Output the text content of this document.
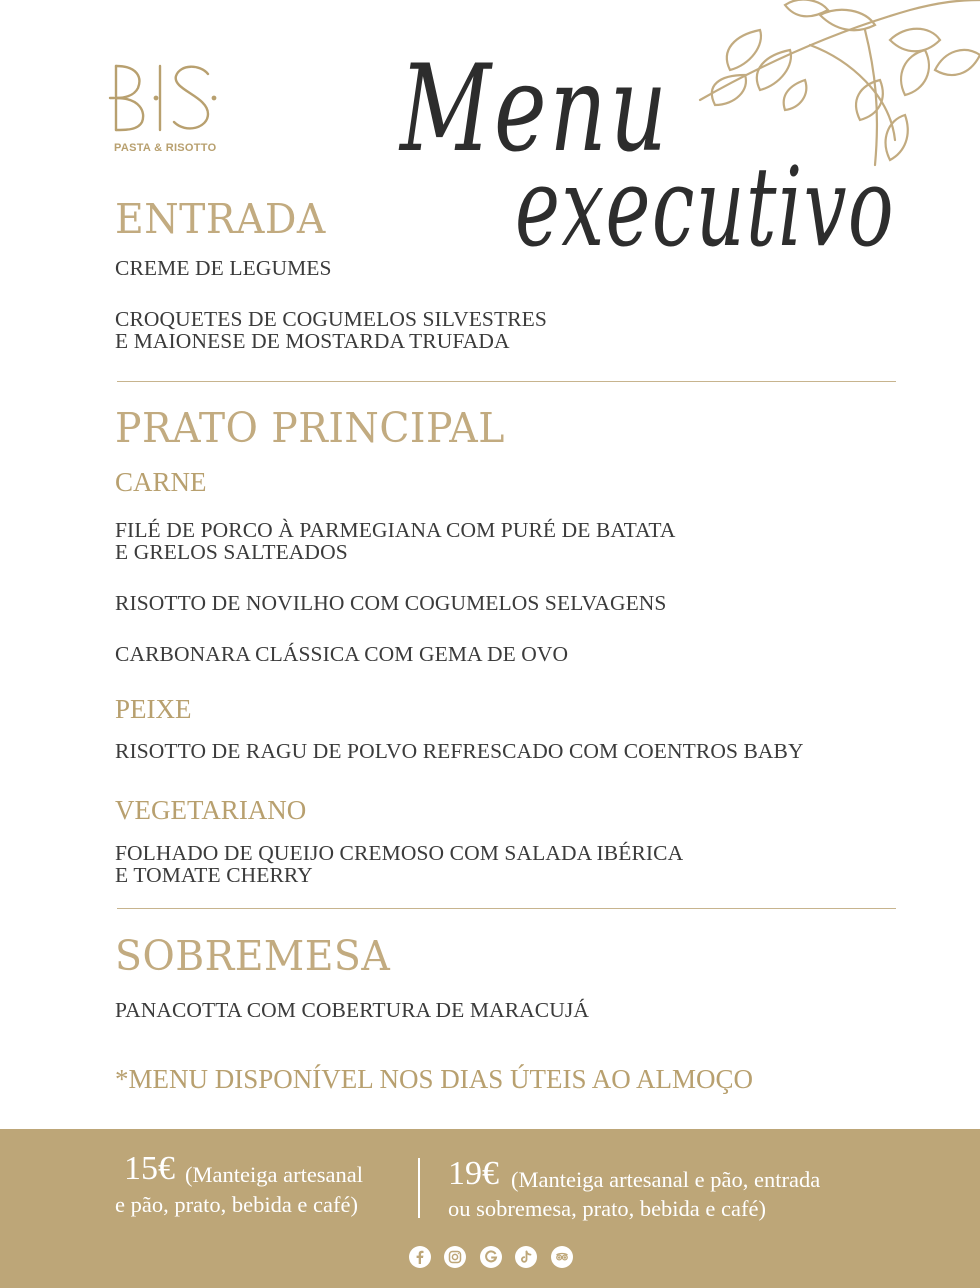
PASTA & RISOTTO Menu
executivo
ENTRADA
CREME DE LEGUMES
CROQUETES DE COGUMELOS SILVESTRES
E MAIONESE DE MOSTARDA TRUFADA
PRATO PRINCIPAL
CARNE
FILÉ DE PORCO À PARMEGIANA COM PURÉ DE BATATA
E GRELOS SALTEADOS
RISOTTO DE NOVILHO COM COGUMELOS SELVAGENS
CARBONARA CLÁSSICA COM GEMA DE OVO
PEIXE
RISOTTO DE RAGU DE POLVO REFRESCADO COM COENTROS BABY
VEGETARIANO
FOLHADO DE QUEIJO CREMOSO COM SALADA IBÉRICA
E TOMATE CHERRY
SOBREMESA
PANACOTTA COM COBERTURA DE MARACUJÁ
*MENU DISPONÍVEL NOS DIAS ÚTEIS AO ALMOÇO
15€ (Manteiga artesanal
e pão, prato, bebida e café)
19€ (Manteiga artesanal e pão, entrada
ou sobremesa, prato, bebida e café)
